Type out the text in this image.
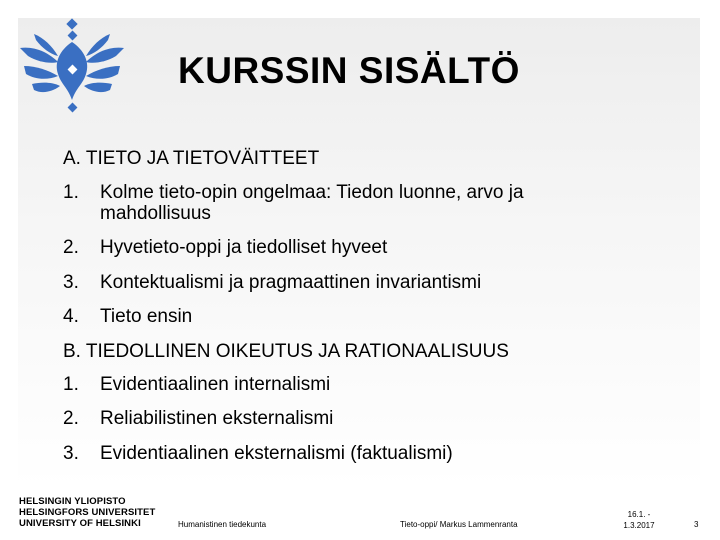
KURSSIN SISÄLTÖ
A. TIETO JA TIETOVÄITTEET
1. Kolme tieto-opin ongelmaa: Tiedon luonne, arvo ja
mahdollisuus
2. Hyvetieto-oppi ja tiedolliset hyveet
3. Kontektualismi ja pragmaattinen invariantismi
4. Tieto ensin
B. TIEDOLLINEN OIKEUTUS JA RATIONAALISUUS
1. Evidentiaalinen internalismi
2. Reliabilistinen eksternalismi
3. Evidentiaalinen eksternalismi (faktualismi)
HELSINGIN YLIOPISTO
HELSINGFORS UNIVERSITET
UNIVERSITY OF HELSINKI	Humanistinen tiedekunta	Tieto-oppi/ Markus Lammenranta
16.1. -
1.3.2017	3
